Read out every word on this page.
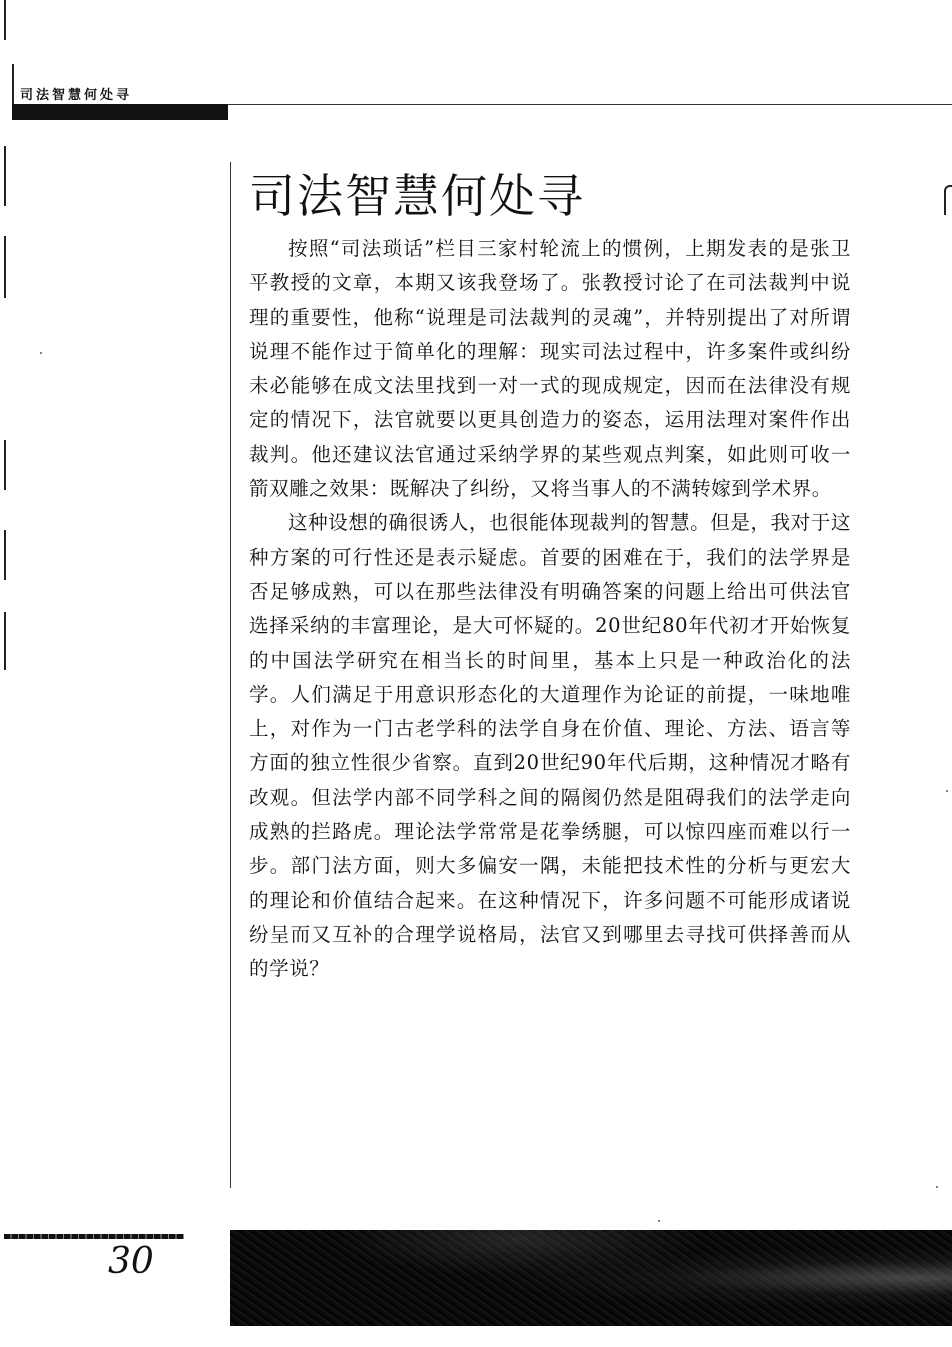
司法智慧何处寻
司法智慧何处寻

按照“司法琐话”栏目三家村轮流上的惯例，上期发表的是张卫平教授的文章，本期又该我登场了。张教授讨论了在司法裁判中说理的重要性，他称“说理是司法裁判的灵魂”，并特别提出了对所谓说理不能作过于简单化的理解：现实司法过程中，许多案件或纠纷未必能够在成文法里找到一对一式的现成规定，因而在法律没有规定的情况下，法官就要以更具创造力的姿态，运用法理对案件作出裁判。他还建议法官通过采纳学界的某些观点判案，如此则可收一箭双雕之效果：既解决了纠纷，又将当事人的不满转嫁到学术界。

这种设想的确很诱人，也很能体现裁判的智慧。但是，我对于这种方案的可行性还是表示疑虑。首要的困难在于，我们的法学界是否足够成熟，可以在那些法律没有明确答案的问题上给出可供法官选择采纳的丰富理论，是大可怀疑的。20世纪80年代初才开始恢复的中国法学研究在相当长的时间里，基本上只是一种政治化的法学。人们满足于用意识形态化的大道理作为论证的前提，一味地唯上，对作为一门古老学科的法学自身在价值、理论、方法、语言等方面的独立性很少省察。直到20世纪90年代后期，这种情况才略有改观。但法学内部不同学科之间的隔阂仍然是阻碍我们的法学走向成熟的拦路虎。理论法学常常是花拳绣腿，可以惊四座而难以行一步。部门法方面，则大多偏安一隅，未能把技术性的分析与更宏大的理论和价值结合起来。在这种情况下，许多问题不可能形成诸说纷呈而又互补的合理学说格局，法官又到哪里去寻找可供择善而从的学说？

30
